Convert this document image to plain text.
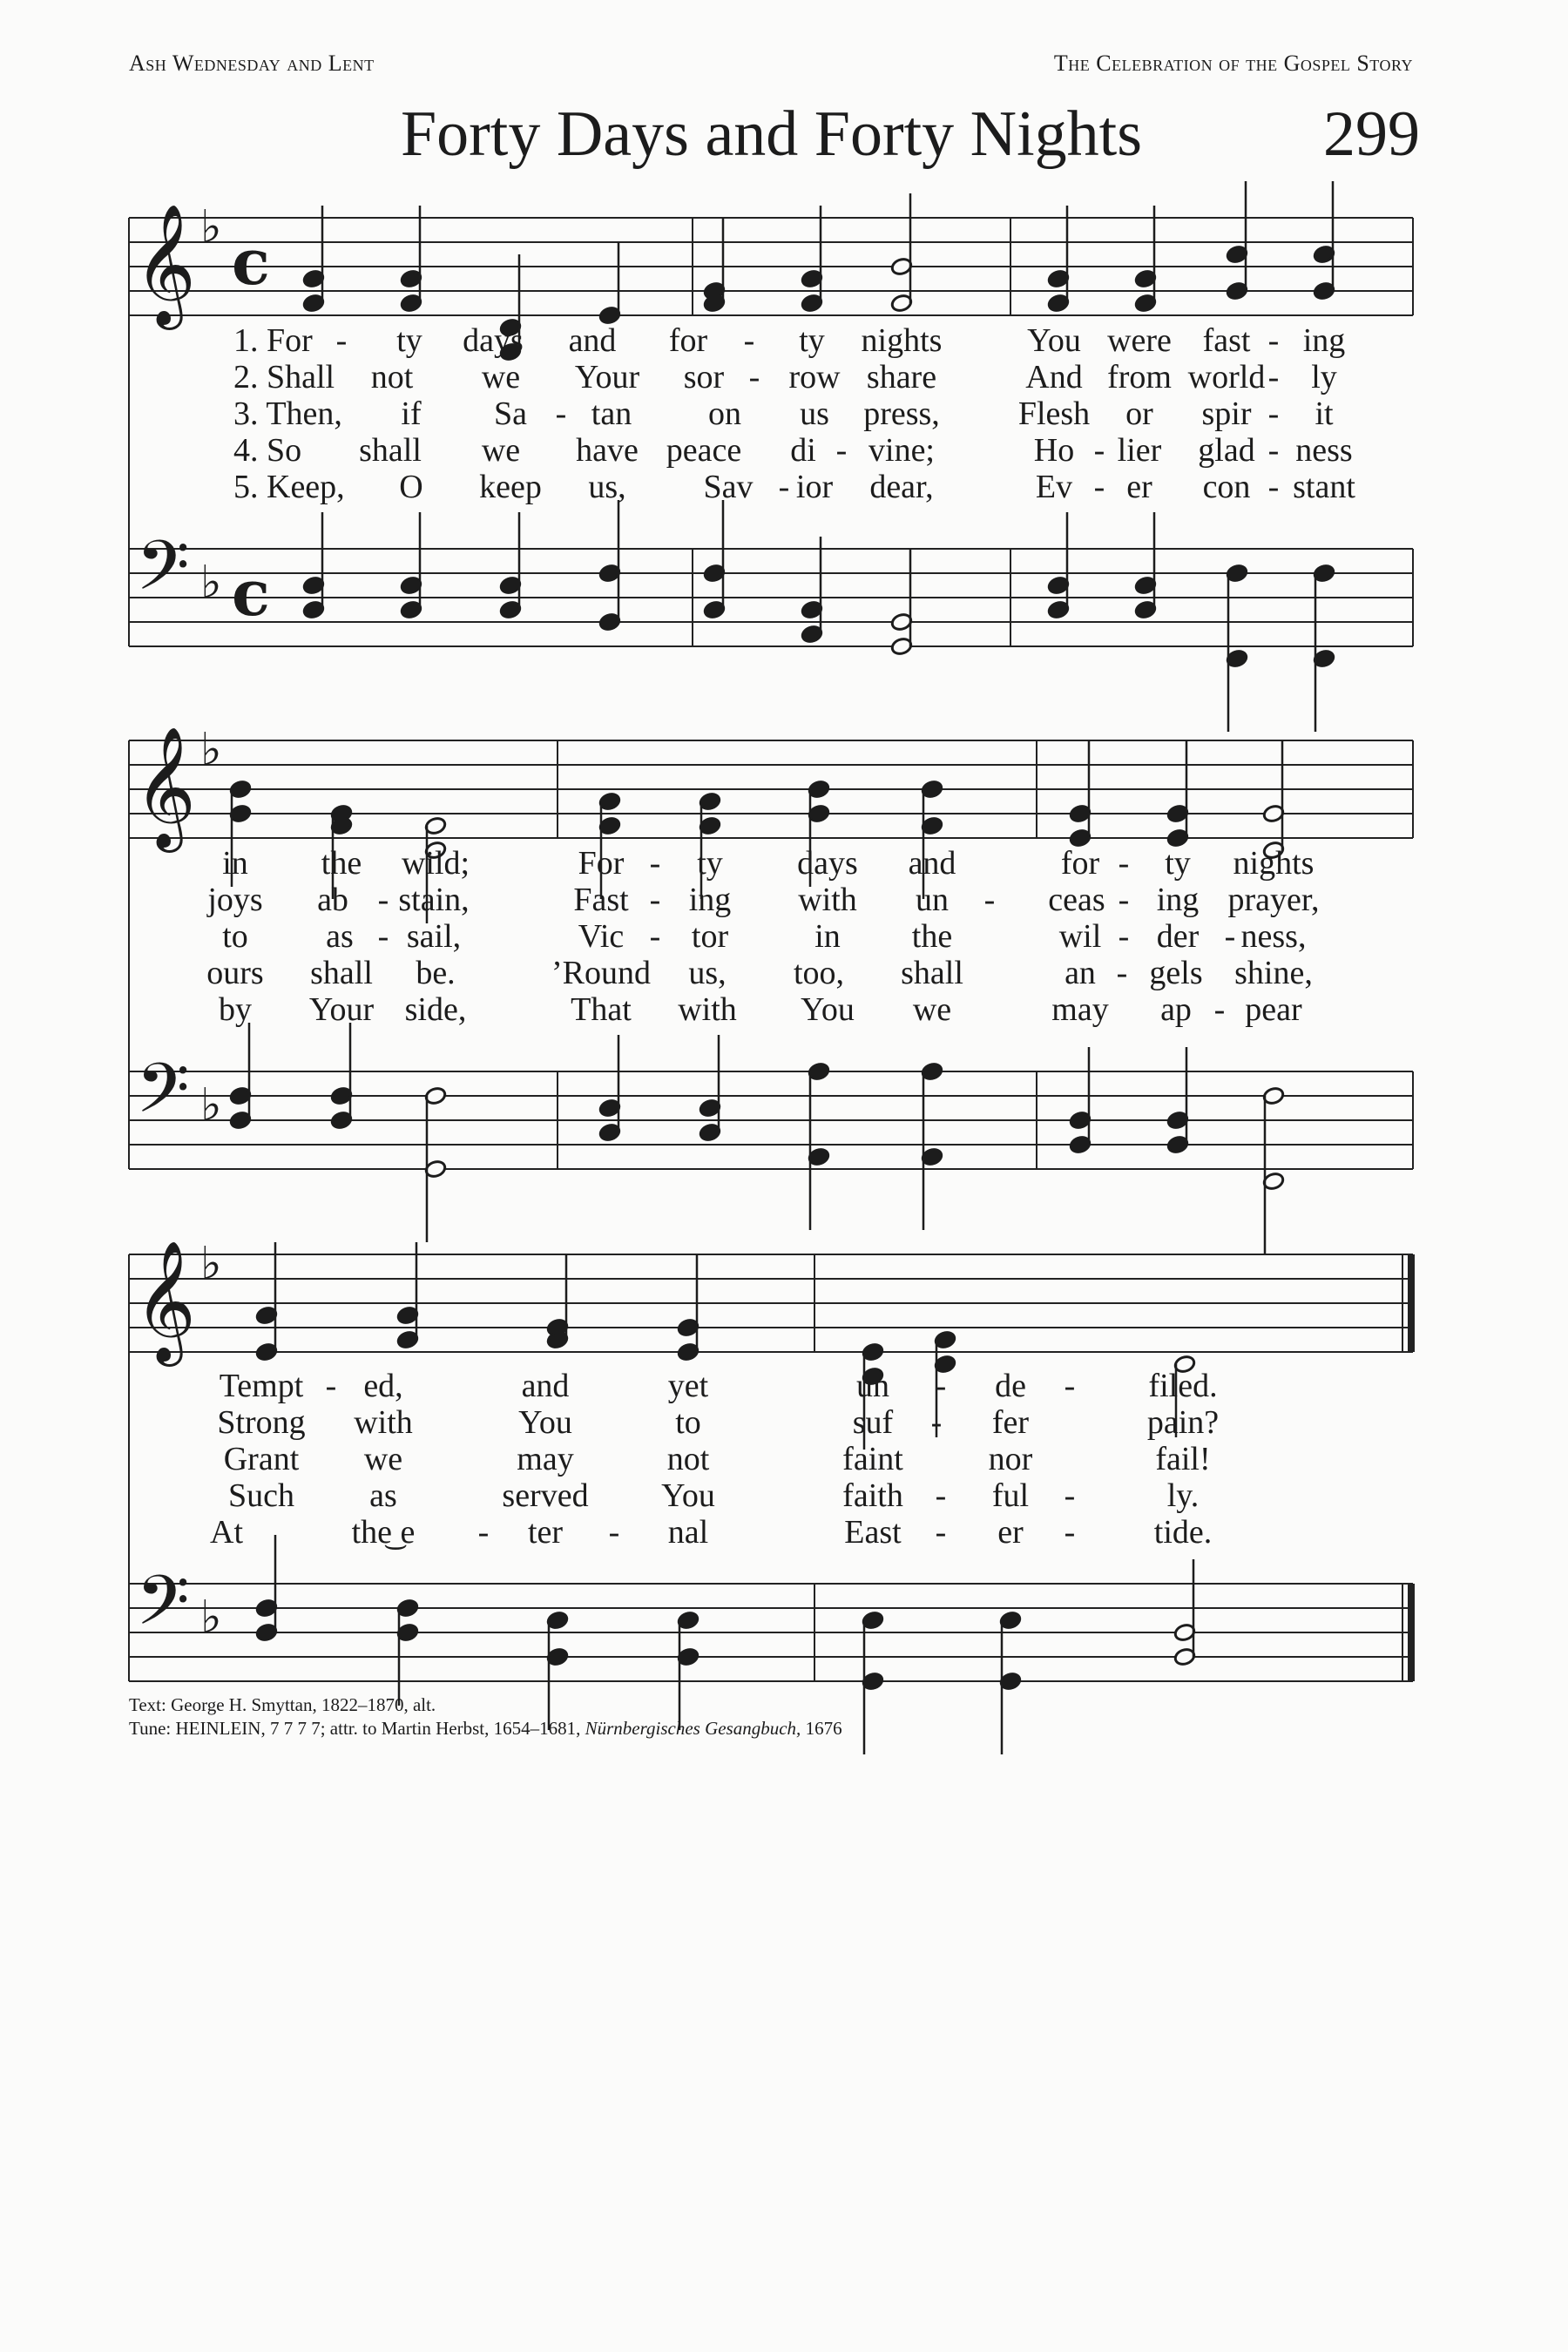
Ash Wednesday and Lent	The Celebration of the Gospel Story
Forty Days and Forty Nights	299
𝄞
𝄢
♭
♭
c
c
𝄞
𝄢
♭
♭
𝄞
𝄢
♭
♭
1. For - ty days and for - ty nights	You were fast - ing
2. Shall not we Your sor - row share	And from world - ly
3. Then, if Sa - tan on us press, Flesh or spir - it
4. So shall we have peace di - vine;	Ho - lier glad - ness
5. Keep, O keep us, Sav - ior dear,	Ev - er con - stant
in the wild;	For - ty days and	for - ty nights
joys ab - stain,	Fast - ing with un - ceas - ing prayer,
to as - sail,	Vic - tor	in the	wil - der - ness,
ours shall be.	’Round us, too, shall	an - gels shine,
by Your side,	That with You we	may ap - pear
Tempt - ed,	and	yet	un - de - filed.
Strong with	You	to	suf - fer	pain?
Grant we	may	not	faint	nor	fail!
Such as	served You	faith - ful -	ly.
At	the͜ e - ter - nal	East - er - tide.
Text: George H. Smyttan, 1822–1870, alt.
Tune: HEINLEIN, 7 7 7 7; attr. to Martin Herbst, 1654–1681, Nürnbergisches Gesangbuch, 1676
